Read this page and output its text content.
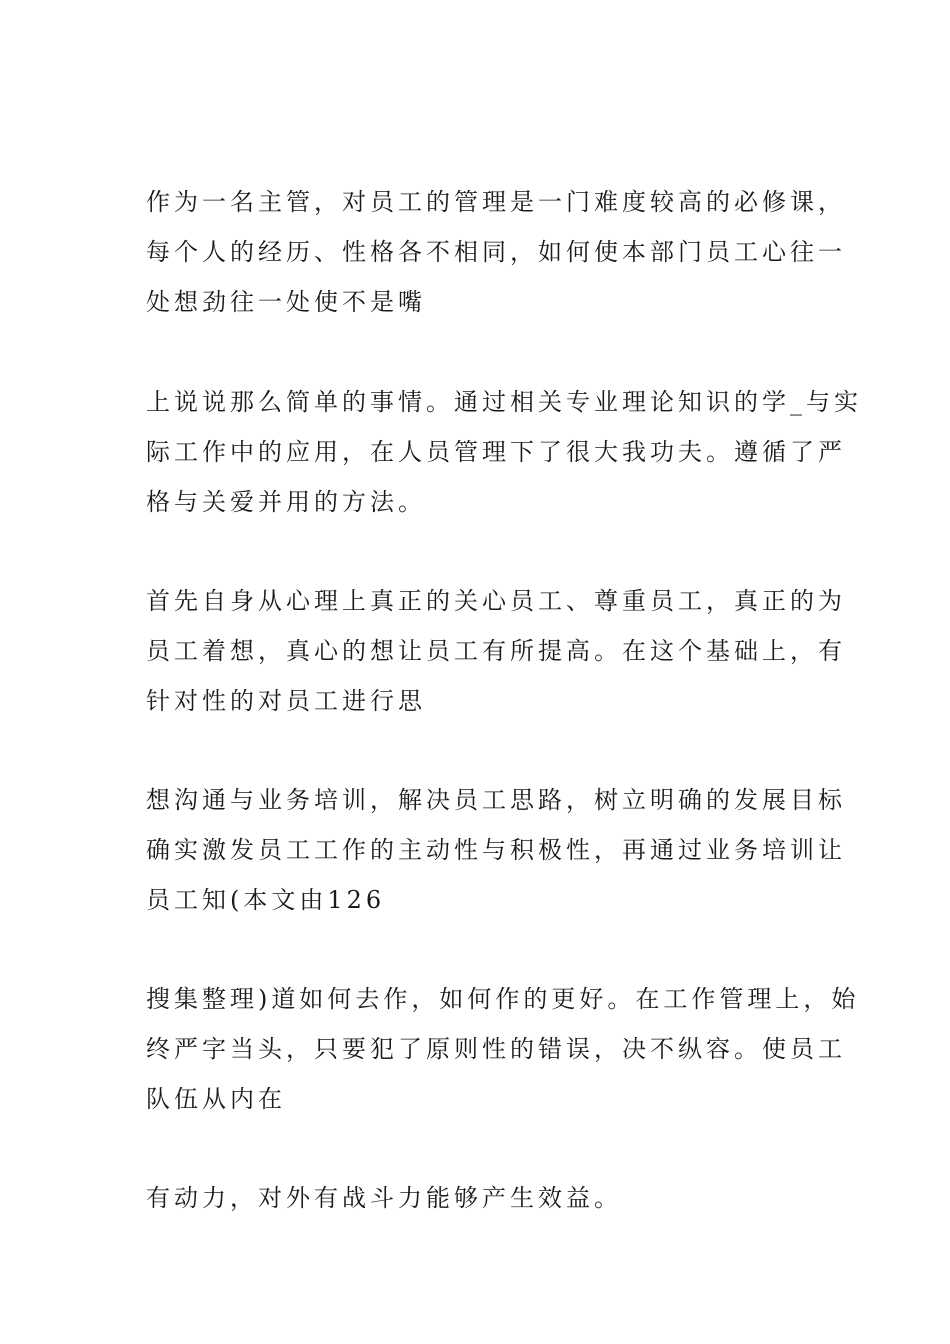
作为一名主管，对员工的管理是一门难度较高的必修课，
每个人的经历、性格各不相同，如何使本部门员工心往一
处想劲往一处使不是嘴

上说说那么简单的事情。通过相关专业理论知识的学_与实
际工作中的应用，在人员管理下了很大我功夫。遵循了严
格与关爱并用的方法。

首先自身从心理上真正的关心员工、尊重员工，真正的为
员工着想，真心的想让员工有所提高。在这个基础上，有
针对性的对员工进行思

想沟通与业务培训，解决员工思路，树立明确的发展目标
确实激发员工工作的主动性与积极性，再通过业务培训让
员工知(本文由126

搜集整理)道如何去作，如何作的更好。在工作管理上，始
终严字当头，只要犯了原则性的错误，决不纵容。使员工
队伍从内在

有动力，对外有战斗力能够产生效益。
